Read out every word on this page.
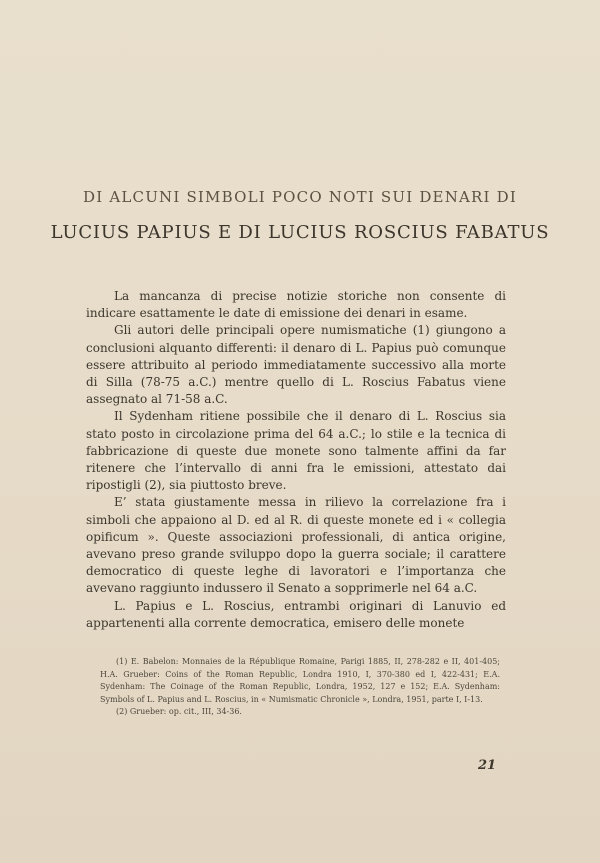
DI ALCUNI SIMBOLI POCO NOTI SUI DENARI DI
LUCIUS PAPIUS E DI LUCIUS ROSCIUS FABATUS

La mancanza di precise notizie storiche non consente di indicare esattamente le date di emissione dei denari in esame.

Gli autori delle principali opere numismatiche (1) giungono a conclusioni alquanto differenti: il denaro di L. Papius può comunque essere attribuito al periodo immediatamente successivo alla morte di Silla (78-75 a.C.) mentre quello di L. Roscius Fabatus viene assegnato al 71-58 a.C.

Il Sydenham ritiene possibile che il denaro di L. Roscius sia stato posto in circolazione prima del 64 a.C.; lo stile e la tecnica di fabbricazione di queste due monete sono talmente affini da far ritenere che l’intervallo di anni fra le emissioni, attestato dai ripostigli (2), sia piuttosto breve.

E’ stata giustamente messa in rilievo la correlazione fra i simboli che appaiono al D. ed al R. di queste monete ed i « collegia opificum ». Queste associazioni professionali, di antica origine, avevano preso grande sviluppo dopo la guerra sociale; il carattere democratico di queste leghe di lavoratori e l’importanza che avevano raggiunto indussero il Senato a sopprimerle nel 64 a.C.

L. Papius e L. Roscius, entrambi originari di Lanuvio ed appartenenti alla corrente democratica, emisero delle monete

(1) E. Babelon: Monnaies de la République Romaine, Parigi 1885, II, 278-282 e II, 401-405; H.A. Grueber: Coins of the Roman Republic, Londra 1910, I, 370-380 ed I, 422-431; E.A. Sydenham: The Coinage of the Roman Republic, Londra, 1952, 127 e 152; E.A. Sydenham: Symbols of L. Papius and L. Roscius, in « Numismatic Chronicle », Londra, 1951, parte I, I-13.

(2) Grueber: op. cit., III, 34-36.

21
